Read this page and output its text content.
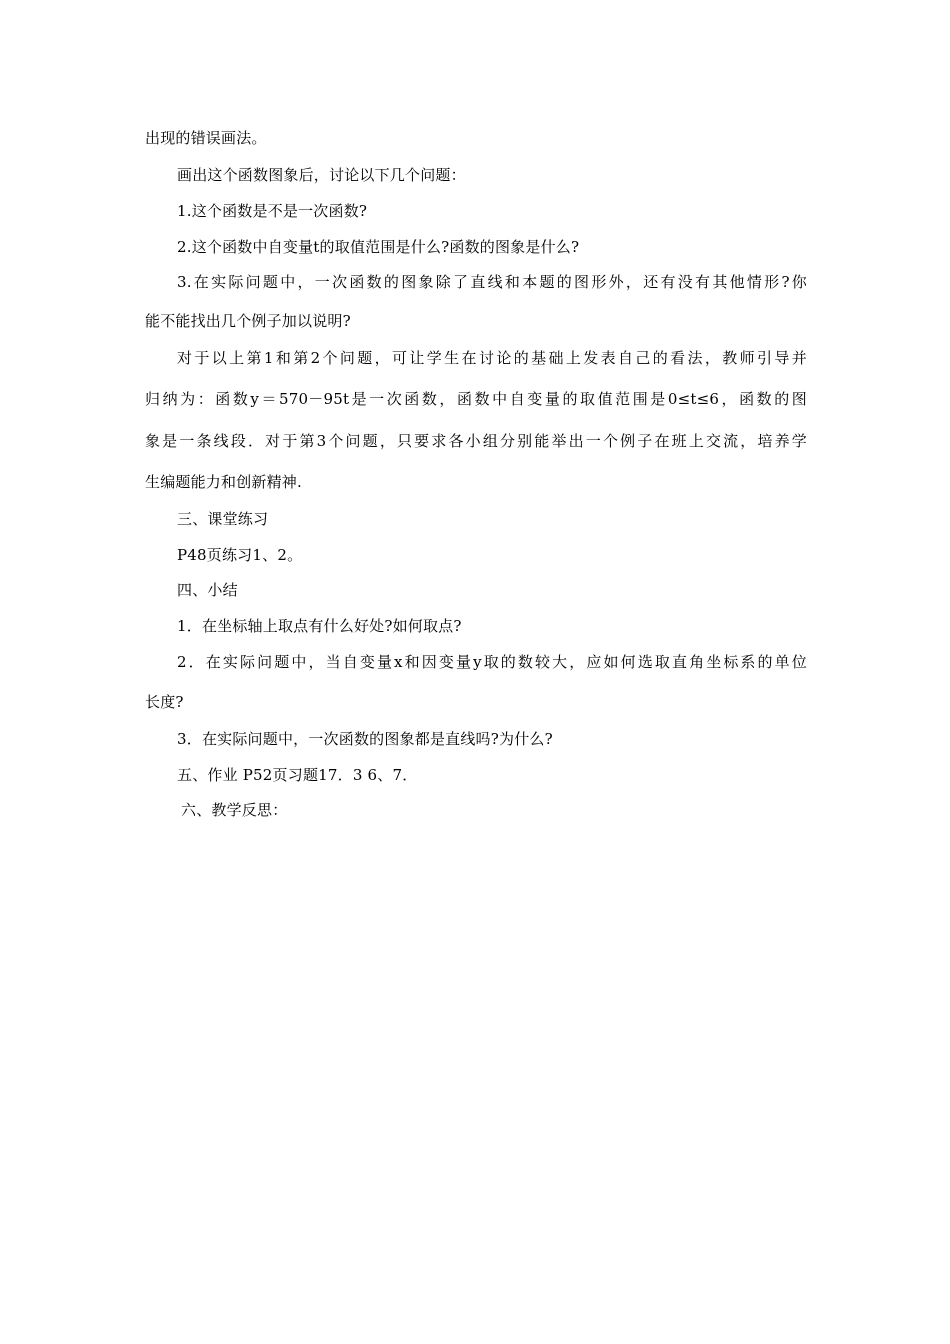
出现的错误画法。
画出这个函数图象后，讨论以下几个问题：
1.这个函数是不是一次函数?
2.这个函数中自变量t的取值范围是什么?函数的图象是什么?
3.在实际问题中，一次函数的图象除了直线和本题的图形外，还有没有其他情形?你
能不能找出几个例子加以说明?
对于以上第1和第2个问题，可让学生在讨论的基础上发表自己的看法，教师引导并
归纳为：函数y＝570－95t是一次函数，函数中自变量的取值范围是0≤t≤6，函数的图
象是一条线段．对于第3个问题，只要求各小组分别能举出一个例子在班上交流，培养学
生编题能力和创新精神.
三、课堂练习
P48页练习1、2。
四、小结
1．在坐标轴上取点有什么好处?如何取点?
2．在实际问题中，当自变量x和因变量y取的数较大，应如何选取直角坐标系的单位
长度?
3．在实际问题中，一次函数的图象都是直线吗?为什么?
五、作业 P52页习题17．3 6、7．
六、教学反思：
